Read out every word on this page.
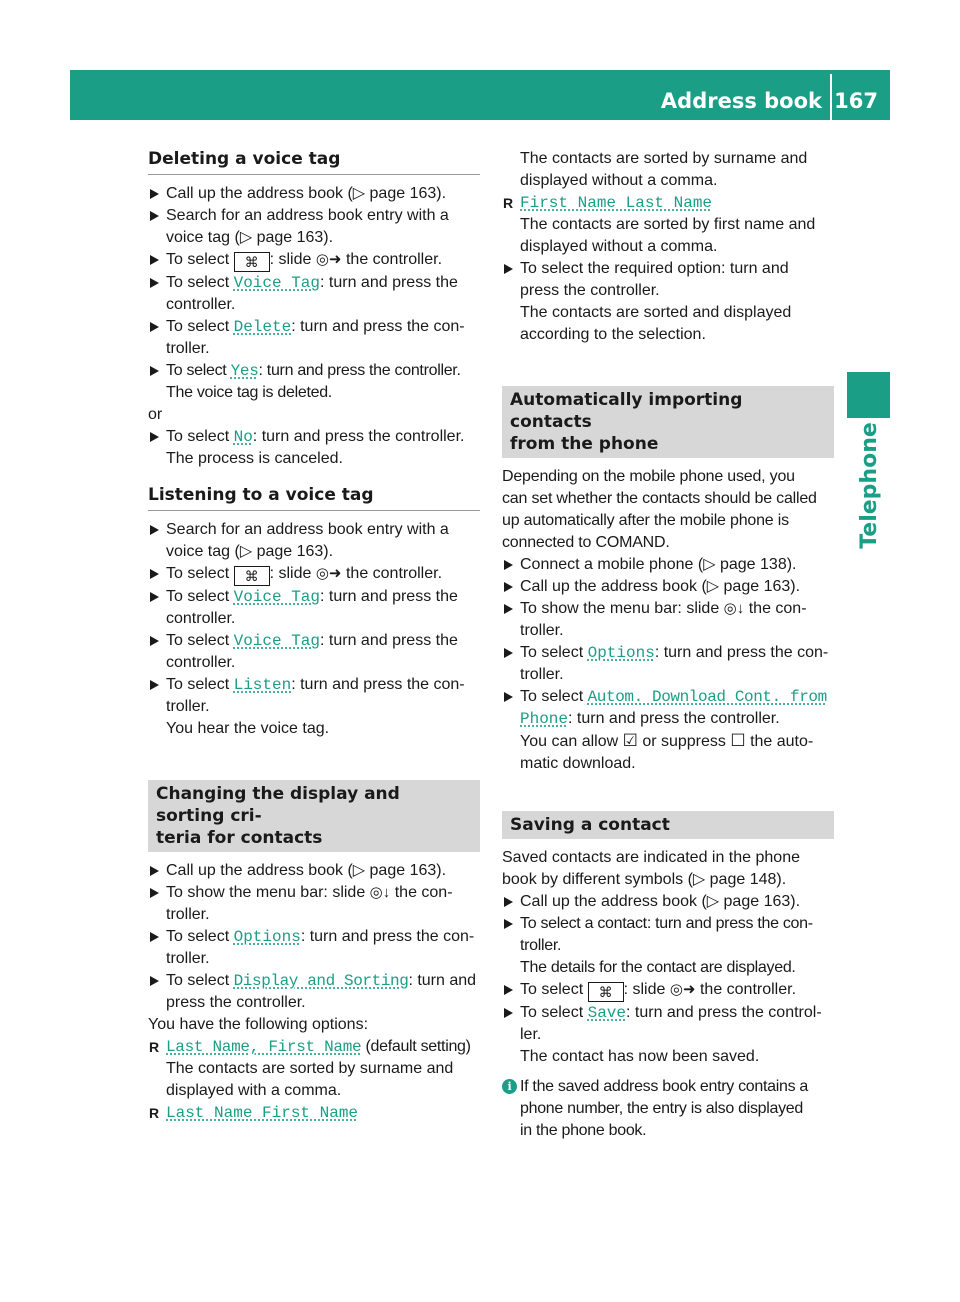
Address book 167
Telephone
Deleting a voice tag
Call up the address book (▷ page 163).
Search for an address book entry with a
voice tag (▷ page 163).
To select ⌘ : slide ◎➜ the controller.
To select Voice Tag: turn and press the
controller.
To select Delete: turn and press the con-
troller.
To select Yes: turn and press the controller.
The voice tag is deleted.
or
To select No: turn and press the controller.
The process is canceled.
Listening to a voice tag
Search for an address book entry with a
voice tag (▷ page 163).
To select ⌘ : slide ◎➜ the controller.
To select Voice Tag: turn and press the
controller.
To select Voice Tag: turn and press the
controller.
To select Listen: turn and press the con-
troller.
You hear the voice tag.
Changing the display and sorting cri-
teria for contacts
Call up the address book (▷ page 163).
To show the menu bar: slide ◎↓ the con-
troller.
To select Options: turn and press the con-
troller.
To select Display and Sorting: turn and
press the controller.
You have the following options:
R Last Name, First Name (default setting)
The contacts are sorted by surname and
displayed with a comma.
R Last Name First Name
The contacts are sorted by surname and
displayed without a comma.
R First Name Last Name
The contacts are sorted by first name and
displayed without a comma.
To select the required option: turn and
press the controller.
The contacts are sorted and displayed
according to the selection.
Automatically importing contacts
from the phone
Depending on the mobile phone used, you
can set whether the contacts should be called
up automatically after the mobile phone is
connected to COMAND.
Connect a mobile phone (▷ page 138).
Call up the address book (▷ page 163).
To show the menu bar: slide ◎↓ the con-
troller.
To select Options: turn and press the con-
troller.
To select Autom. Download Cont. from
Phone: turn and press the controller.
You can allow ☑ or suppress ☐ the auto-
matic download.
Saving a contact
Saved contacts are indicated in the phone
book by different symbols (▷ page 148).
Call up the address book (▷ page 163).
To select a contact: turn and press the con-
troller.
The details for the contact are displayed.
To select ⌘ : slide ◎➜ the controller.
To select Save: turn and press the control-
ler.
The contact has now been saved.
i If the saved address book entry contains a
phone number, the entry is also displayed
in the phone book.
